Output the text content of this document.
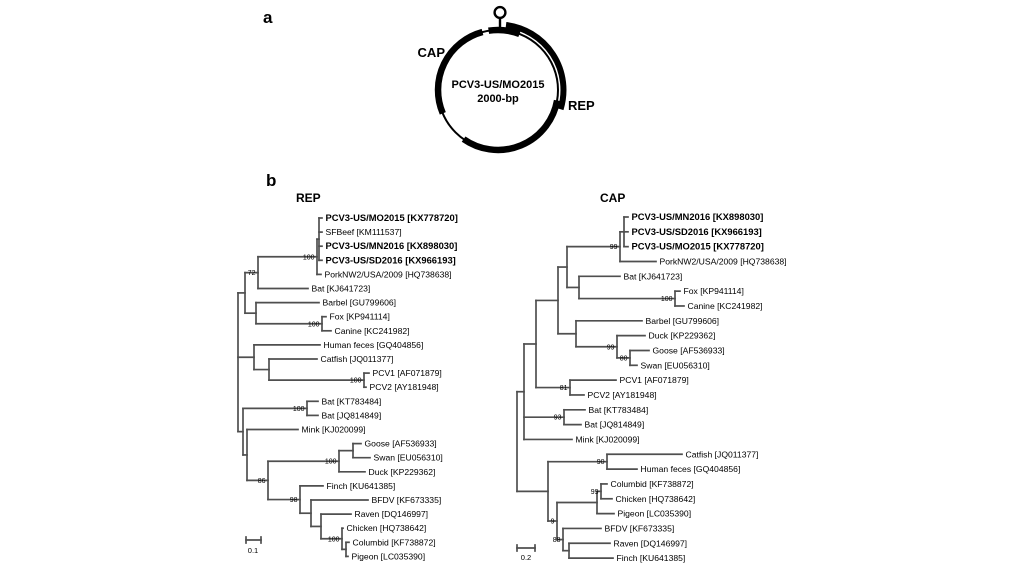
a
b
CAP
REP
PCV3-US/MO2015
2000-bp
PCV3-US/MO2015 [KX778720]
SFBeef [KM111537]
PCV3-US/MN2016 [KX898030]
PCV3-US/SD2016 [KX966193]
PorkNW2/USA/2009 [HQ738638]
100
Bat [KJ641723]
72
Barbel [GU799606]
Fox [KP941114]
Canine [KC241982]
100
Human feces [GQ404856]
Catfish [JQ011377]
PCV1 [AF071879]
PCV2 [AY181948]
100
Bat [KT783484]
Bat [JQ814849]
100
Mink [KJ020099]
Goose [AF536933]
Swan [EU056310]
Duck [KP229362]
100
Finch [KU641385]
BFDV [KF673335]
Raven [DQ146997]
Chicken [HQ738642]
Columbid [KF738872]
Pigeon [LC035390]
100
98
86
REP
0.1
PCV3-US/MN2016 [KX898030]
PCV3-US/SD2016 [KX966193]
PCV3-US/MO2015 [KX778720]
PorkNW2/USA/2009 [HQ738638]
99
Bat [KJ641723]
Fox [KP941114]
Canine [KC241982]
100
Barbel [GU799606]
Duck [KP229362]
Goose [AF536933]
Swan [EU056310]
80
99
PCV1 [AF071879]
PCV2 [AY181948]
81
Bat [KT783484]
Bat [JQ814849]
93
Mink [KJ020099]
Catfish [JQ011377]
Human feces [GQ404856]
90
Columbid [KF738872]
Chicken [HQ738642]
99
Pigeon [LC035390]
BFDV [KF673335]
Raven [DQ146997]
Finch [KU641385]
88
9
CAP
0.2
